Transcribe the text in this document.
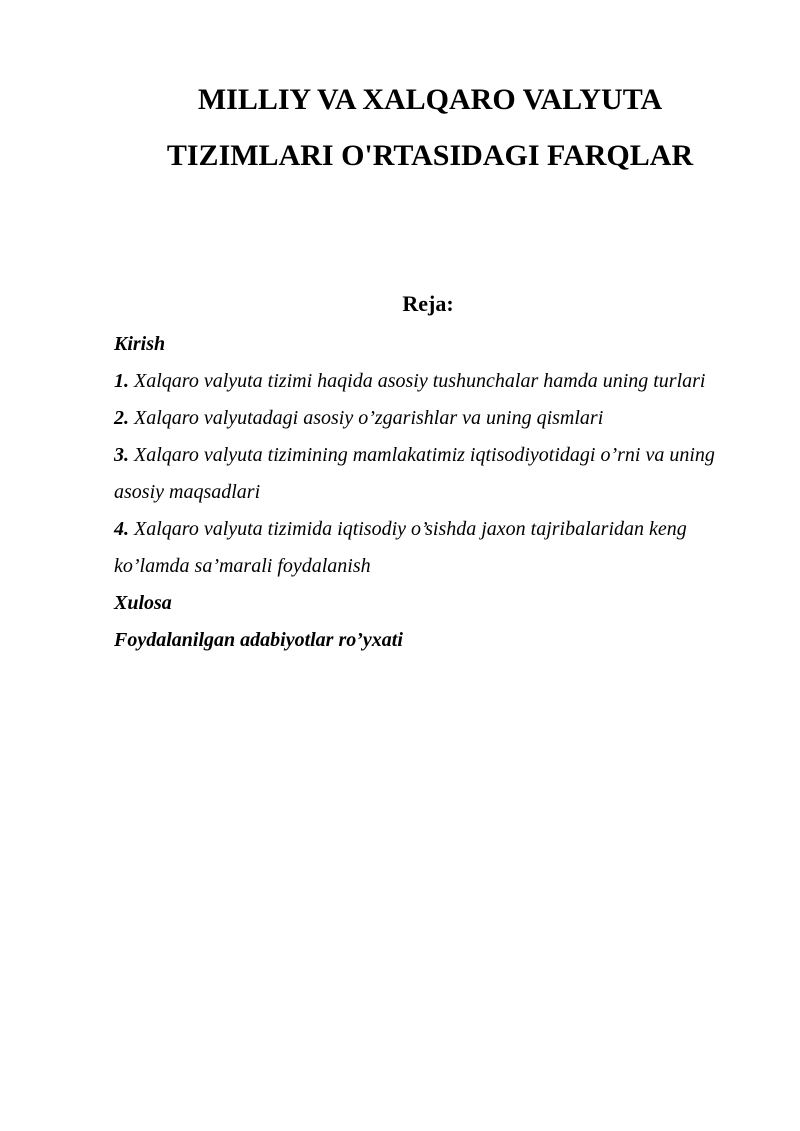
MILLIY VA XALQARO VALYUTA
TIZIMLARI O'RTASIDAGI FARQLAR
Reja:

Kirish

1. Xalqaro valyuta tizimi haqida asosiy tushunchalar hamda uning turlari

2. Xalqaro valyutadagi asosiy o’zgarishlar va uning qismlari

3. Xalqaro valyuta tizimining mamlakatimiz iqtisodiyotidagi o’rni va uning asosiy maqsadlari

4. Xalqaro valyuta tizimida iqtisodiy o’sishda jaxon tajribalaridan keng ko’lamda sa’marali foydalanish

Xulosa

Foydalanilgan adabiyotlar ro’yxati
